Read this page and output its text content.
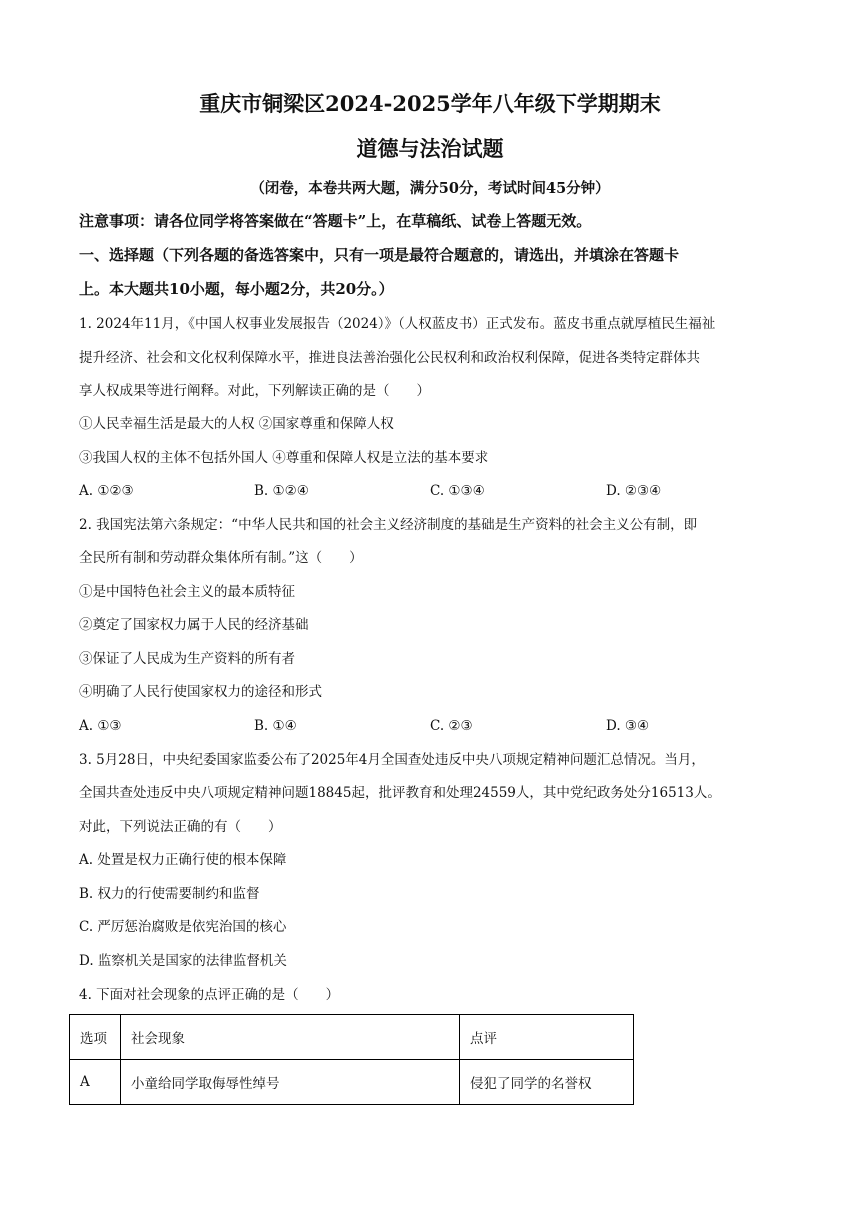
重庆市铜梁区2024-2025学年八年级下学期期末
道德与法治试题
（闭卷，本卷共两大题，满分50分，考试时间45分钟）
注意事项：请各位同学将答案做在“答题卡”上，在草稿纸、试卷上答题无效。
一、选择题（下列各题的备选答案中，只有一项是最符合题意的，请选出，并填涂在答题卡
上。本大题共10小题，每小题2分，共20分。）
1. 2024年11月，《中国人权事业发展报告（2024）》（人权蓝皮书）正式发布。蓝皮书重点就厚植民生福祉
提升经济、社会和文化权利保障水平，推进良法善治强化公民权利和政治权利保障，促进各类特定群体共
享人权成果等进行阐释。对此，下列解读正确的是（　　）
①人民幸福生活是最大的人权 ②国家尊重和保障人权
③我国人权的主体不包括外国人 ④尊重和保障人权是立法的基本要求
A. ①②③	B. ①②④	C. ①③④	D. ②③④
2. 我国宪法第六条规定：“中华人民共和国的社会主义经济制度的基础是生产资料的社会主义公有制，即
全民所有制和劳动群众集体所有制。”这（　　）
①是中国特色社会主义的最本质特征
②奠定了国家权力属于人民的经济基础
③保证了人民成为生产资料的所有者
④明确了人民行使国家权力的途径和形式
A. ①③	B. ①④	C. ②③	D. ③④
3. 5月28日，中央纪委国家监委公布了2025年4月全国查处违反中央八项规定精神问题汇总情况。当月，
全国共查处违反中央八项规定精神问题18845起，批评教育和处理24559人，其中党纪政务处分16513人。
对此，下列说法正确的有（　　）
A. 处置是权力正确行使的根本保障
B. 权力的行使需要制约和监督
C. 严厉惩治腐败是依宪治国的核心
D. 监察机关是国家的法律监督机关
4. 下面对社会现象的点评正确的是（　　）
选项	社会现象	点评
A	小童给同学取侮辱性绰号	侵犯了同学的名誉权
